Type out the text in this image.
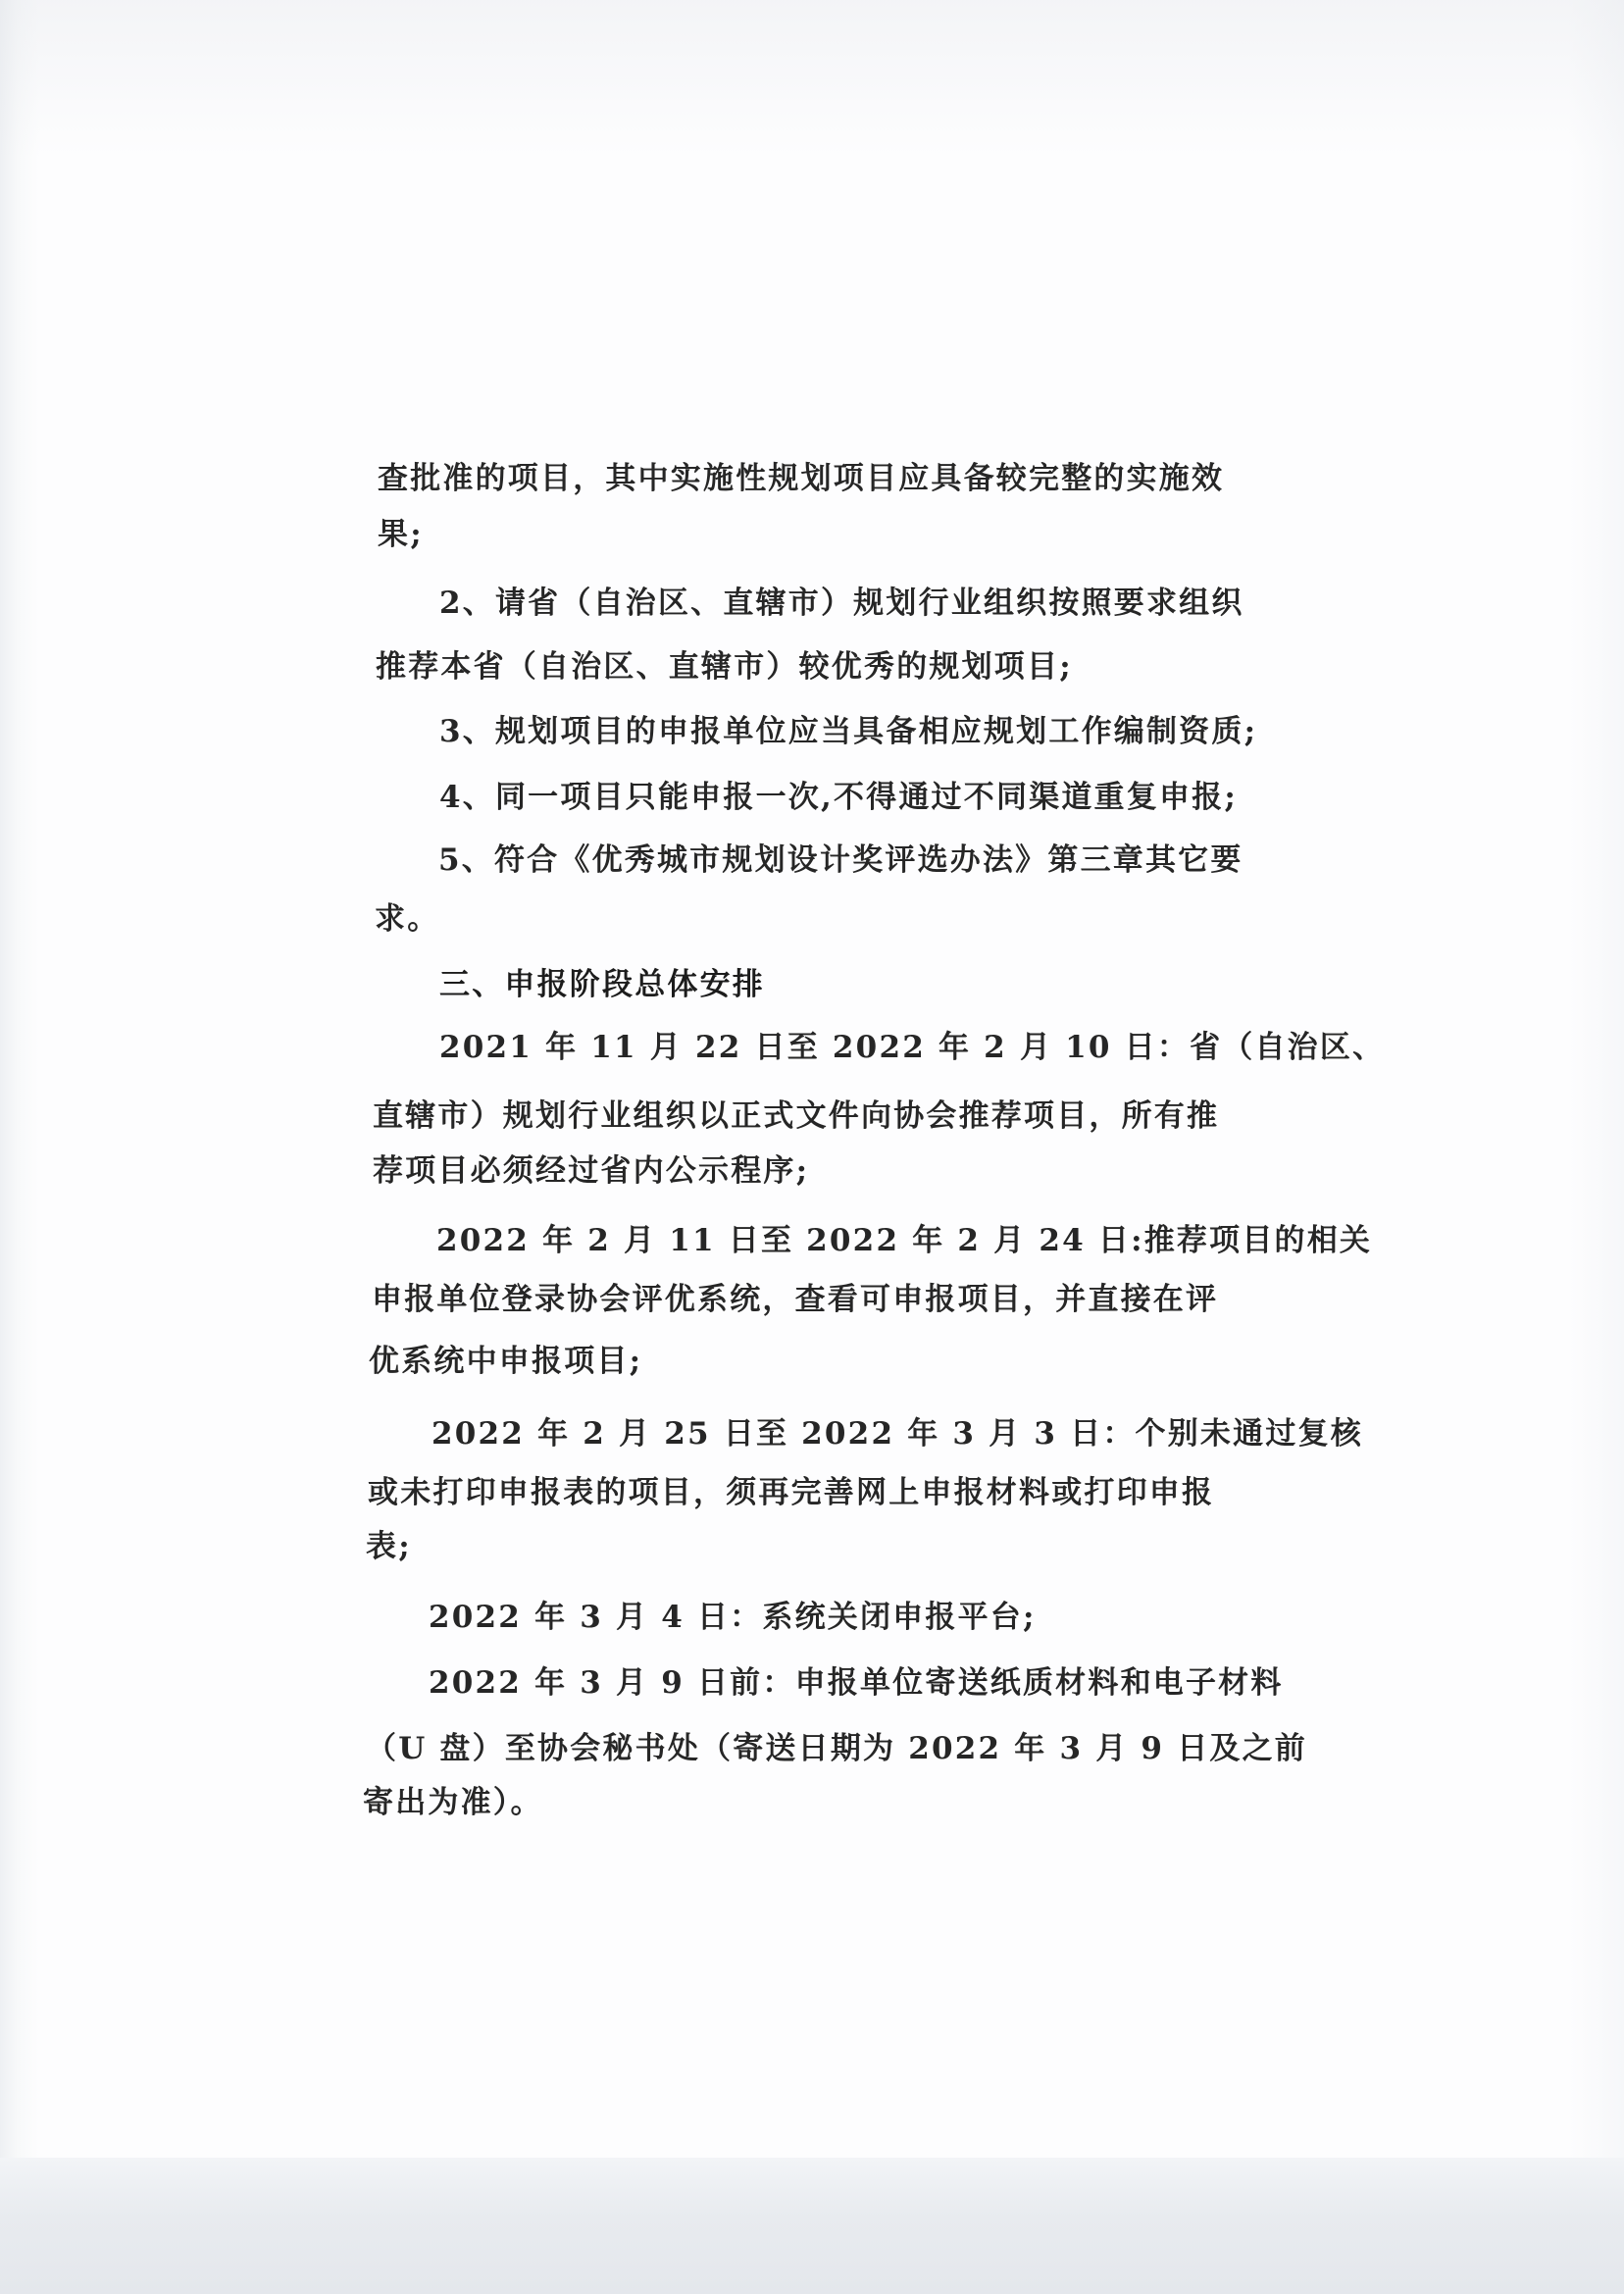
查批准的项目，其中实施性规划项目应具备较完整的实施效
果;
2、请省（自治区、直辖市）规划行业组织按照要求组织
推荐本省（自治区、直辖市）较优秀的规划项目;
3、规划项目的申报单位应当具备相应规划工作编制资质;
4、同一项目只能申报一次,不得通过不同渠道重复申报;
5、符合《优秀城市规划设计奖评选办法》第三章其它要
求。
三、申报阶段总体安排
2021 年 11 月 22 日至 2022 年 2 月 10 日：省（自治区、
直辖市）规划行业组织以正式文件向协会推荐项目，所有推
荐项目必须经过省内公示程序;
2022 年 2 月 11 日至 2022 年 2 月 24 日:推荐项目的相关
申报单位登录协会评优系统，查看可申报项目，并直接在评
优系统中申报项目;
2022 年 2 月 25 日至 2022 年 3 月 3 日：个别未通过复核
或未打印申报表的项目，须再完善网上申报材料或打印申报
表;
2022 年 3 月 4 日：系统关闭申报平台;
2022 年 3 月 9 日前：申报单位寄送纸质材料和电子材料
（U 盘）至协会秘书处（寄送日期为 2022 年 3 月 9 日及之前
寄出为准）。
